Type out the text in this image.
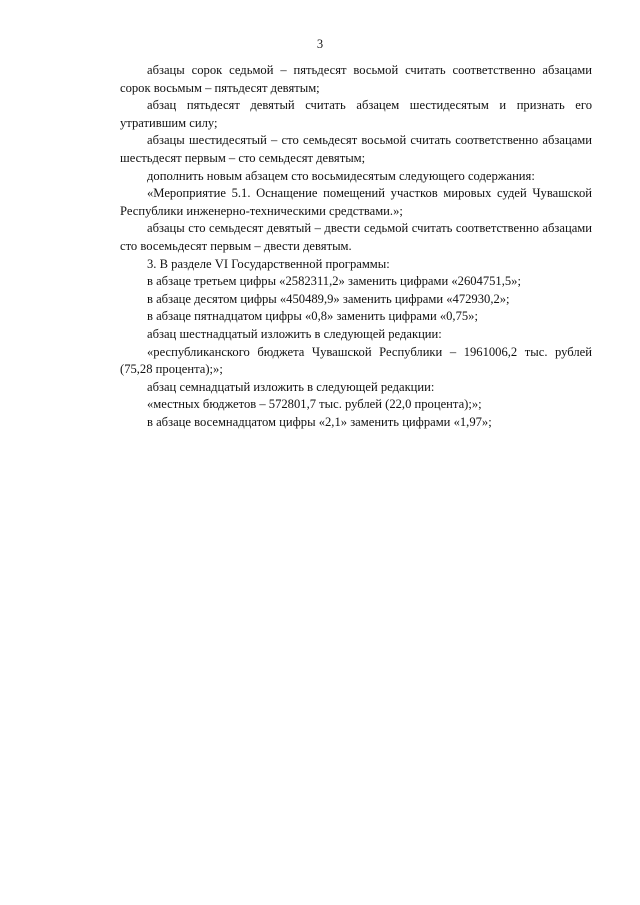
3

абзацы сорок седьмой – пятьдесят восьмой считать соответственно абзацами сорок восьмым – пятьдесят девятым;

абзац пятьдесят девятый считать абзацем шестидесятым и признать его утратившим силу;

абзацы шестидесятый – сто семьдесят восьмой считать соответственно абзацами шестьдесят первым – сто семьдесят девятым;

дополнить новым абзацем сто восьмидесятым следующего содержания:

«Мероприятие 5.1. Оснащение помещений участков мировых судей Чувашской Республики инженерно-техническими средствами.»;

абзацы сто семьдесят девятый – двести седьмой считать соответственно абзацами сто восемьдесят первым – двести девятым.

3. В разделе VI Государственной программы:

в абзаце третьем цифры «2582311,2» заменить цифрами «2604751,5»;

в абзаце десятом цифры «450489,9» заменить цифрами «472930,2»;

в абзаце пятнадцатом цифры «0,8» заменить цифрами «0,75»;

абзац шестнадцатый изложить в следующей редакции:

«республиканского бюджета Чувашской Республики – 1961006,2 тыс. рублей (75,28 процента);»;

абзац семнадцатый изложить в следующей редакции:

«местных бюджетов – 572801,7 тыс. рублей (22,0 процента);»;

в абзаце восемнадцатом цифры «2,1» заменить цифрами «1,97»;
